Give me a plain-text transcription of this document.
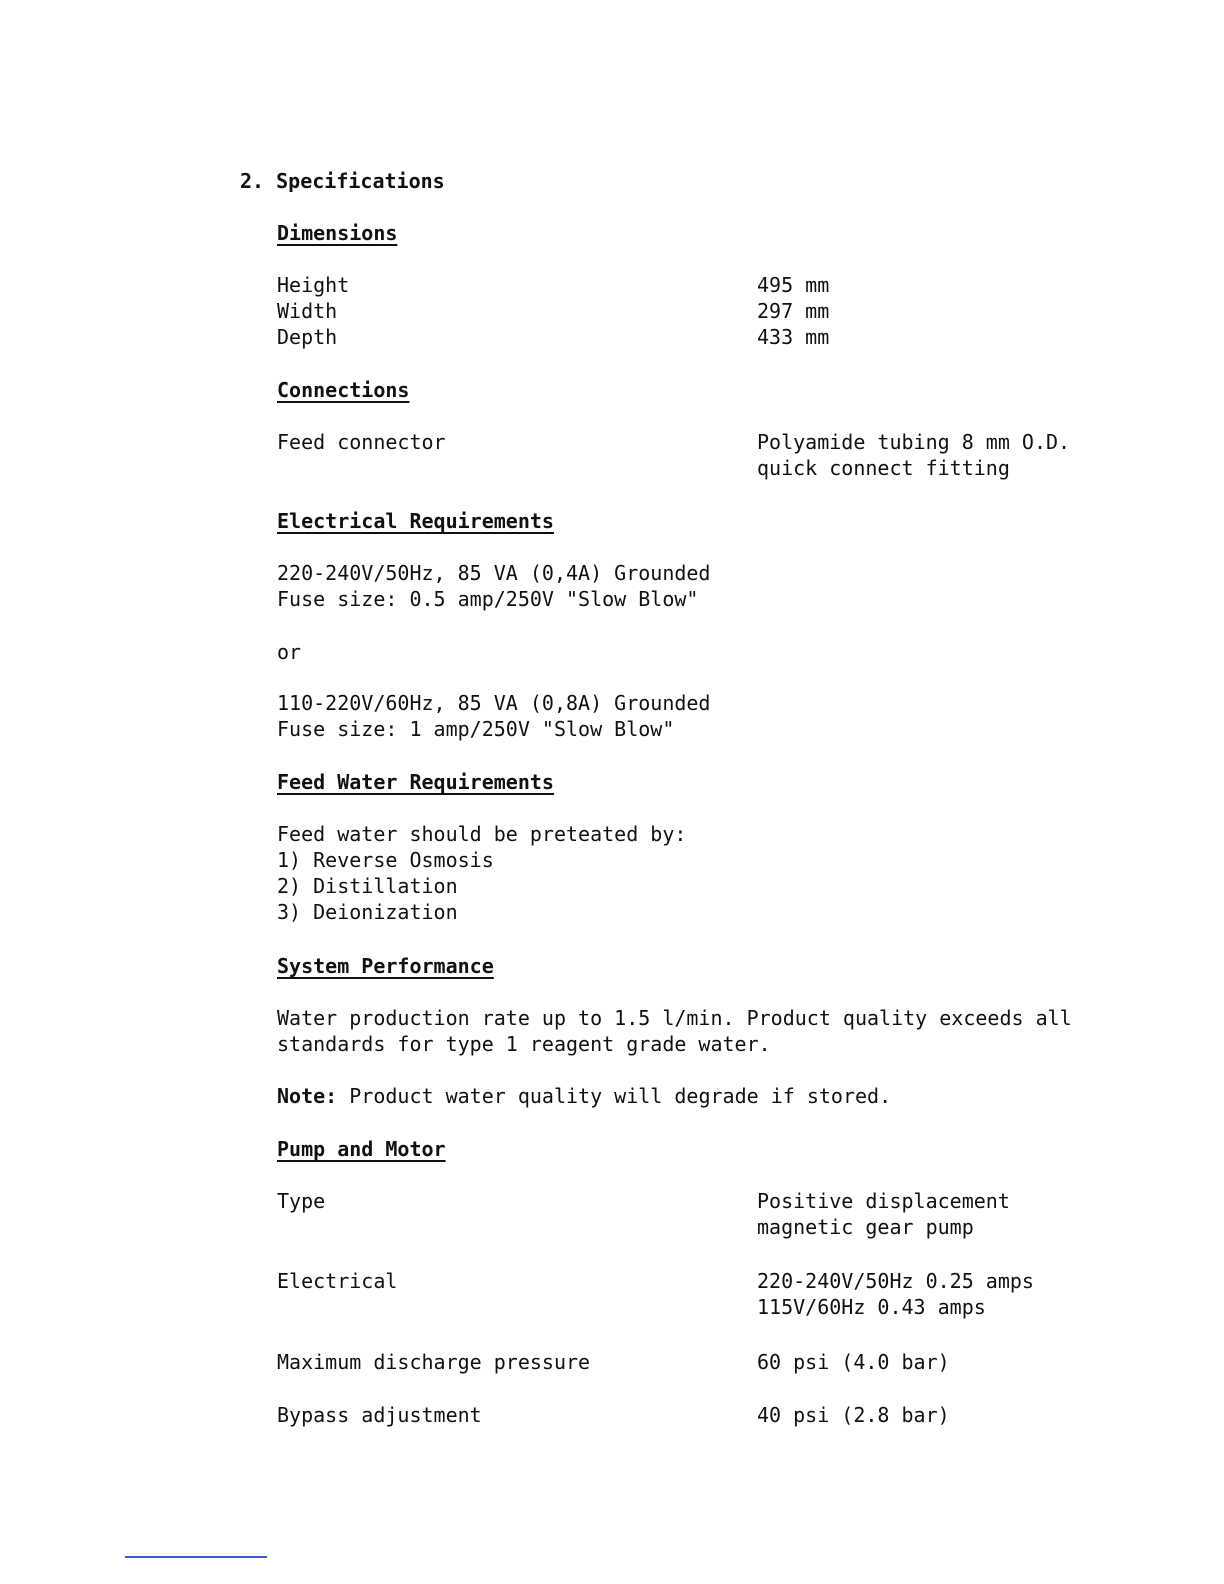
2. Specifications
Dimensions
Height	495 mm
Width	297 mm
Depth	433 mm
Connections
Feed connector	Polyamide tubing 8 mm O.D.
quick connect fitting
Electrical Requirements
220-240V/50Hz, 85 VA (0,4A) Grounded
Fuse size: 0.5 amp/250V "Slow Blow"
or
110-220V/60Hz, 85 VA (0,8A) Grounded
Fuse size: 1 amp/250V "Slow Blow"
Feed Water Requirements
Feed water should be preteated by:
1) Reverse Osmosis
2) Distillation
3) Deionization
System Performance
Water production rate up to 1.5 l/min. Product quality exceeds all
standards for type 1 reagent grade water.
Note: Product water quality will degrade if stored.
Pump and Motor
Type	Positive displacement
magnetic gear pump
Electrical	220-240V/50Hz 0.25 amps
115V/60Hz 0.43 amps
Maximum discharge pressure	60 psi (4.0 bar)
Bypass adjustment	40 psi (2.8 bar)
